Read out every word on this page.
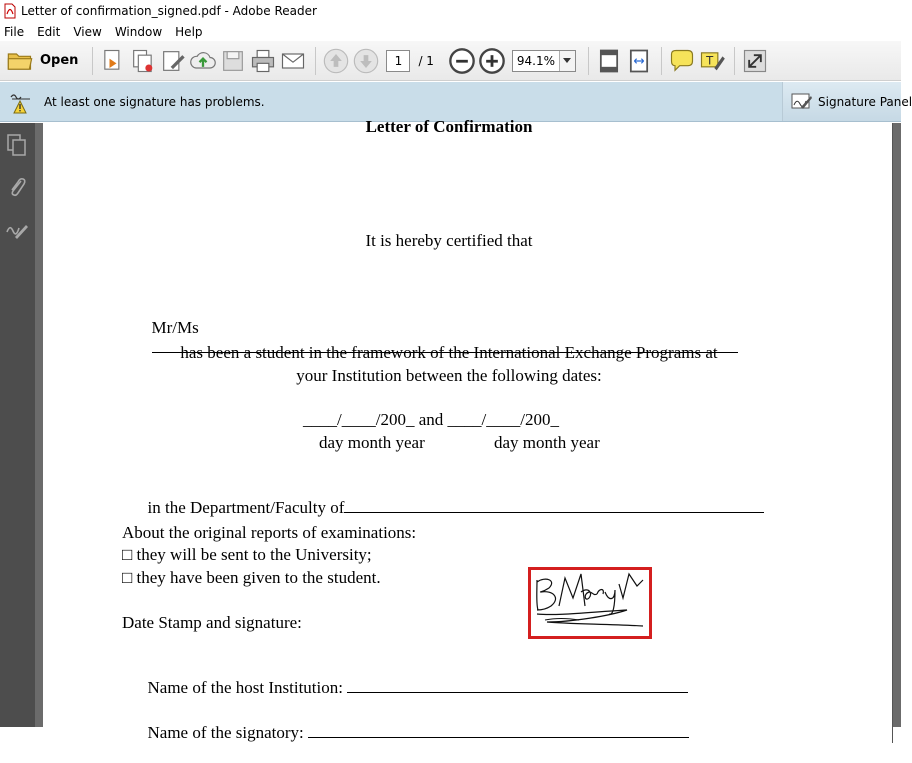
Letter of confirmation_signed.pdf - Adobe Reader
File Edit View Window Help
Open
1	/ 1	94.1%	T
At least one signature has problems.	Signature Panel
Letter of Confirmation
It is hereby certified that

Mr/Ms

has been a student in the framework of the International Exchange Programs at
your Institution between the following dates:
____/____/200_ and ____/____/200_
day month year	day month year

in the Department/Faculty of

About the original reports of examinations:
□ they will be sent to the University;
□ they have been given to the student.
Date Stamp and signature:

Name of the host Institution:

Name of the signatory:
